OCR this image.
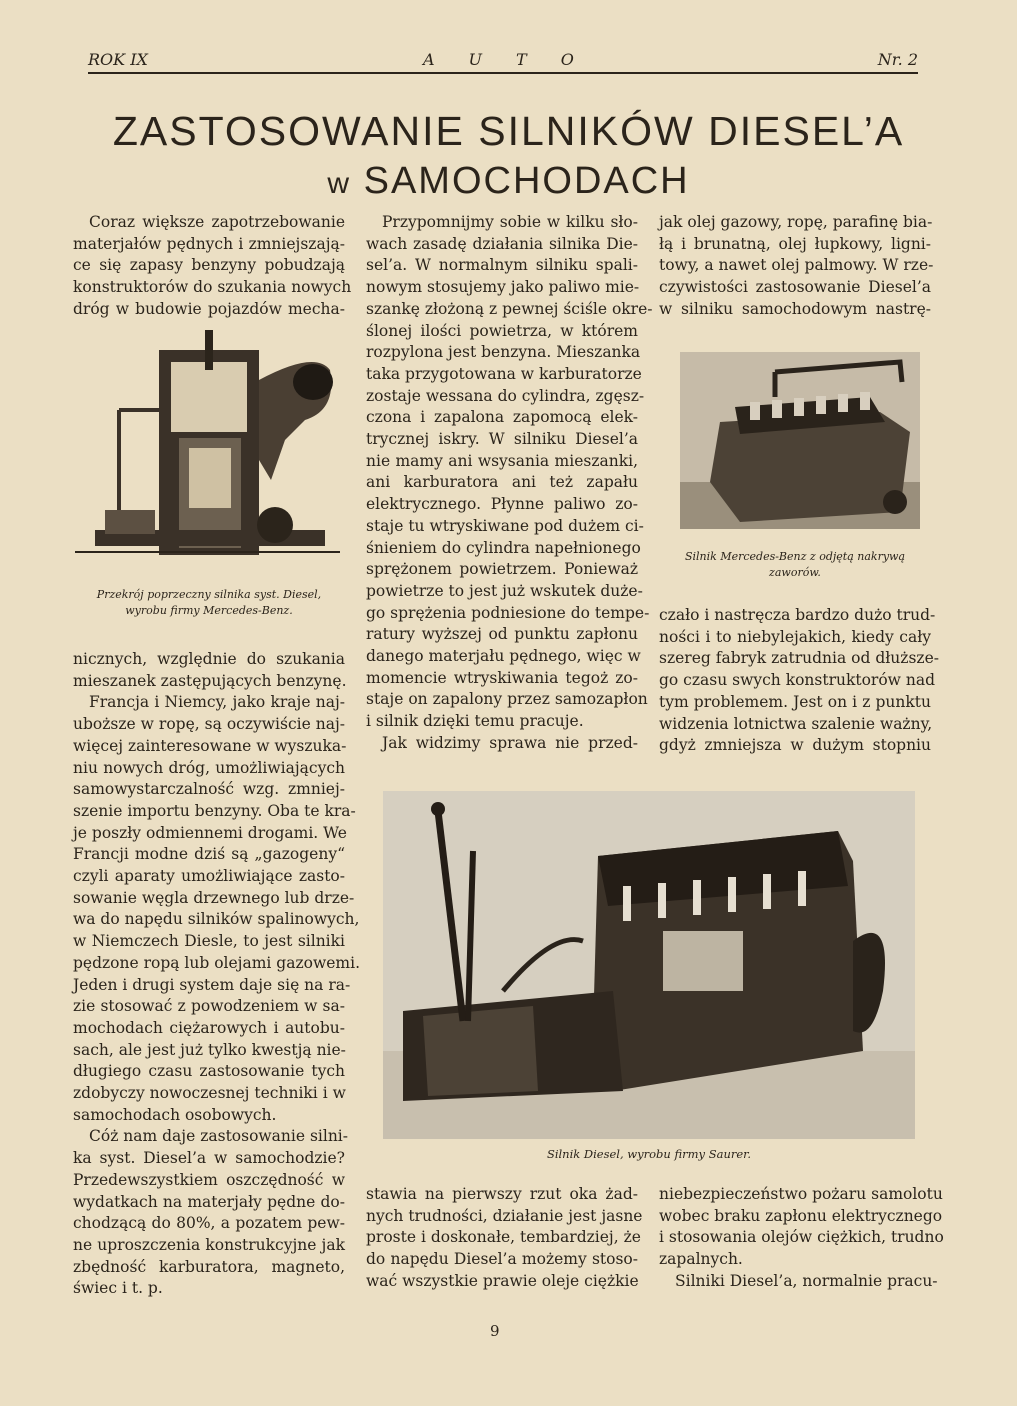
ROK IX	AUTO	Nr. 2
ZASTOSOWANIE SILNIKÓW DIESEL’A
w SAMOCHODACH
Coraz większe zapotrzebowanie
materjałów pędnych i zmniejszają-
ce się zapasy benzyny pobudzają
konstruktorów do szukania nowych
dróg w budowie pojazdów mecha-
Przekrój poprzeczny silnika syst. Diesel,
wyrobu firmy Mercedes-Benz.
nicznych, względnie do szukania
mieszanek zastępujących benzynę.
Francja i Niemcy, jako kraje naj-
uboższe w ropę, są oczywiście naj-
więcej zainteresowane w wyszuka-
niu nowych dróg, umożliwiających
samowystarczalność wzg. zmniej-
szenie importu benzyny. Oba te kra-
je poszły odmiennemi drogami. We
Francji modne dziś są „gazogeny“
czyli aparaty umożliwiające zasto-
sowanie węgla drzewnego lub drze-
wa do napędu silników spalinowych,
w Niemczech Diesle, to jest silniki
pędzone ropą lub olejami gazowemi.
Jeden i drugi system daje się na ra-
zie stosować z powodzeniem w sa-
mochodach ciężarowych i autobu-
sach, ale jest już tylko kwestją nie-
długiego czasu zastosowanie tych
zdobyczy nowoczesnej techniki i w
samochodach osobowych.
Cóż nam daje zastosowanie silni-
ka syst. Diesel’a w samochodzie?
Przedewszystkiem oszczędność w
wydatkach na materjały pędne do-
chodzącą do 80%, a pozatem pew-
ne uproszczenia konstrukcyjne jak
zbędność karburatora, magneto,
świec i t. p.
Przypomnijmy sobie w kilku sło-
wach zasadę działania silnika Die-
sel’a. W normalnym silniku spali-
nowym stosujemy jako paliwo mie-
szankę złożoną z pewnej ściśle okre-
ślonej ilości powietrza, w którem
rozpylona jest benzyna. Mieszanka
taka przygotowana w karburatorze
zostaje wessana do cylindra, zgęsz-
czona i zapalona zapomocą elek-
trycznej iskry. W silniku Diesel’a
nie mamy ani wsysania mieszanki,
ani karburatora ani też zapału
elektrycznego. Płynne paliwo zo-
staje tu wtryskiwane pod dużem ci-
śnieniem do cylindra napełnionego
sprężonem powietrzem. Ponieważ
powietrze to jest już wskutek duże-
go sprężenia podniesione do tempe-
ratury wyższej od punktu zapłonu
danego materjału pędnego, więc w
momencie wtryskiwania tegoż zo-
staje on zapalony przez samozapłon
i silnik dzięki temu pracuje.
Jak widzimy sprawa nie przed-
jak olej gazowy, ropę, parafinę bia-
łą i brunatną, olej łupkowy, ligni-
towy, a nawet olej palmowy. W rze-
czywistości zastosowanie Diesel’a
w silniku samochodowym nastrę-
Silnik Mercedes-Benz z odjętą nakrywą
zaworów.
czało i nastręcza bardzo dużo trud-
ności i to niebylejakich, kiedy cały
szereg fabryk zatrudnia od dłuższe-
go czasu swych konstruktorów nad
tym problemem. Jest on i z punktu
widzenia lotnictwa szalenie ważny,
gdyż zmniejsza w dużym stopniu
Silnik Diesel, wyrobu firmy Saurer.
stawia na pierwszy rzut oka żad-
nych trudności, działanie jest jasne
proste i doskonałe, tembardziej, że
do napędu Diesel’a możemy stoso-
wać wszystkie prawie oleje ciężkie
niebezpieczeństwo pożaru samolotu
wobec braku zapłonu elektrycznego
i stosowania olejów ciężkich, trudno
zapalnych.
Silniki Diesel’a, normalnie pracu-
9
